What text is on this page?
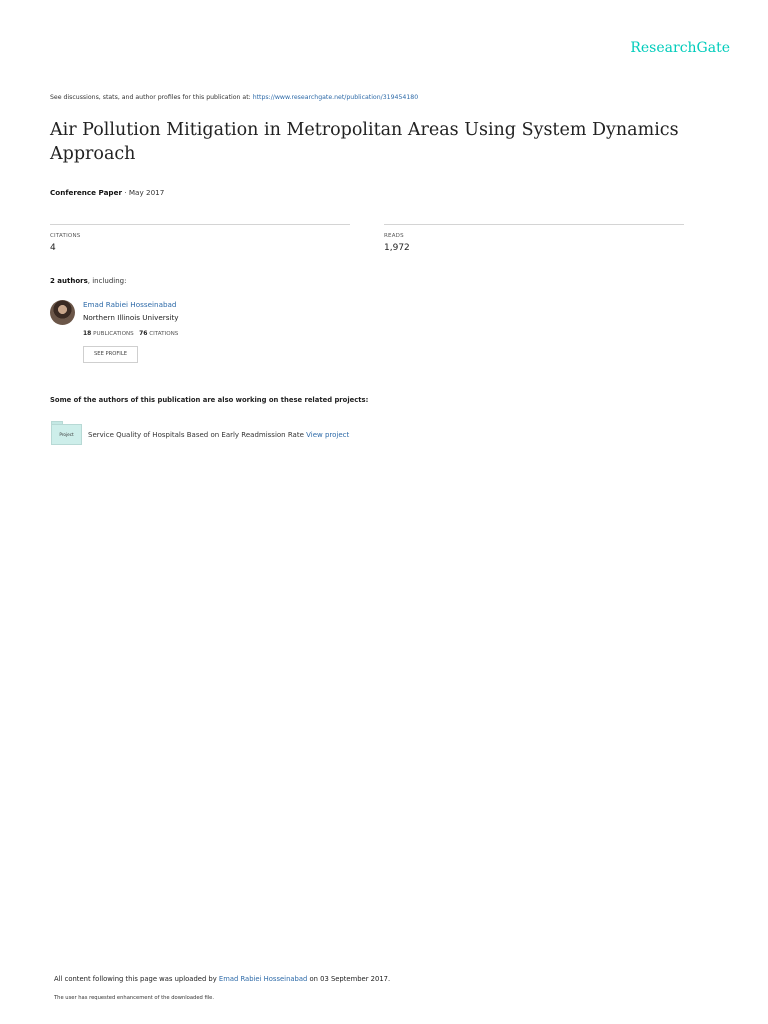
ResearchGate
See discussions, stats, and author profiles for this publication at: https://www.researchgate.net/publication/319454180
Air Pollution Mitigation in Metropolitan Areas Using System Dynamics Approach
Conference Paper · May 2017
CITATIONS
4
READS
1,972
2 authors, including:
Emad Rabiei Hosseinabad
Northern Illinois University
18 PUBLICATIONS 76 CITATIONS
SEE PROFILE
Some of the authors of this publication are also working on these related projects:
Project	Service Quality of Hospitals Based on Early Readmission Rate View project
All content following this page was uploaded by Emad Rabiei Hosseinabad on 03 September 2017.
The user has requested enhancement of the downloaded file.
